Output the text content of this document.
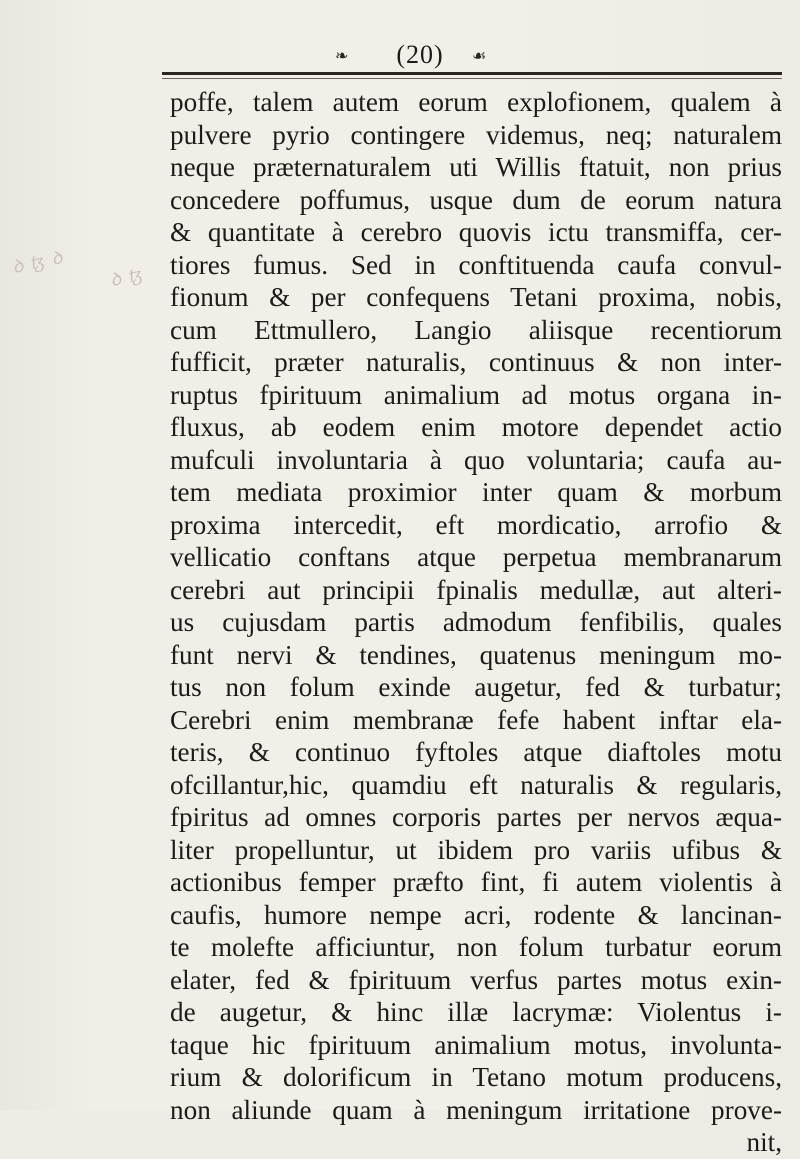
ꝺ ꜩ ꝺ ꝺ ꜩ
❧ (20) ☙
poffe, talem autem eorum explofionem, qualem à
pulvere pyrio contingere videmus, neq; naturalem
neque præternaturalem uti Willis ftatuit, non prius
concedere poffumus, usque dum de eorum natura
& quantitate à cerebro quovis ictu transmiffa, cer-
tiores fumus. Sed in conftituenda caufa convul-
fionum & per confequens Tetani proxima, nobis,
cum Ettmullero, Langio aliisque recentiorum
fufficit, præter naturalis, continuus & non inter-
ruptus fpirituum animalium ad motus organa in-
fluxus, ab eodem enim motore dependet actio
mufculi involuntaria à quo voluntaria; caufa au-
tem mediata proximior inter quam & morbum
proxima intercedit, eft mordicatio, arrofio &
vellicatio conftans atque perpetua membranarum
cerebri aut principii fpinalis medullæ, aut alteri-
us cujusdam partis admodum fenfibilis, quales
funt nervi & tendines, quatenus meningum mo-
tus non folum exinde augetur, fed & turbatur;
Cerebri enim membranæ fefe habent inftar ela-
teris, & continuo fyftoles atque diaftoles motu
ofcillantur,hic, quamdiu eft naturalis & regularis,
fpiritus ad omnes corporis partes per nervos æqua-
liter propelluntur, ut ibidem pro variis ufibus &
actionibus femper præfto fint, fi autem violentis à
caufis, humore nempe acri, rodente & lancinan-
te molefte afficiuntur, non folum turbatur eorum
elater, fed & fpirituum verfus partes motus exin-
de augetur, & hinc illæ lacrymæ: Violentus i-
taque hic fpirituum animalium motus, involunta-
rium & dolorificum in Tetano motum producens,
non aliunde quam à meningum irritatione prove-
nit,
